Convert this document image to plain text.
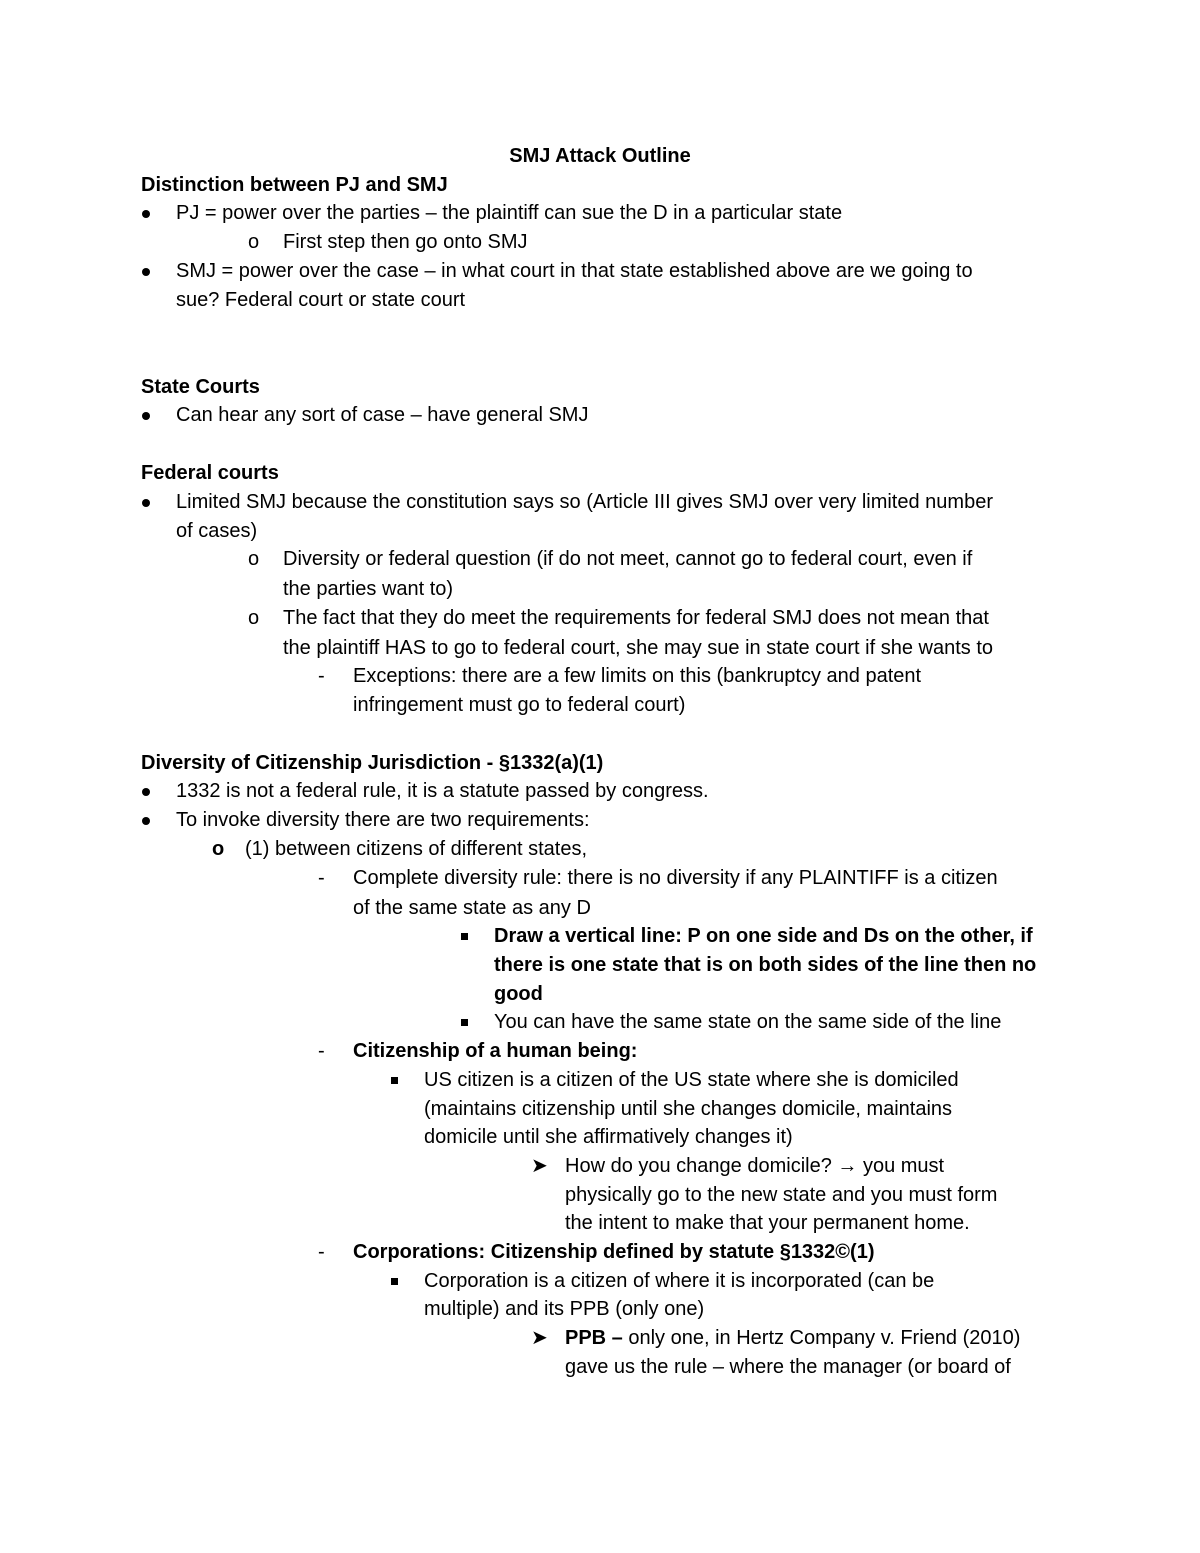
SMJ Attack Outline
Distinction between PJ and SMJ
PJ = power over the parties – the plaintiff can sue the D in a particular state
o First step then go onto SMJ
SMJ = power over the case – in what court in that state established above are we going to
sue? Federal court or state court
State Courts
Can hear any sort of case – have general SMJ
Federal courts
Limited SMJ because the constitution says so (Article III gives SMJ over very limited number
of cases)
o Diversity or federal question (if do not meet, cannot go to federal court, even if
the parties want to)
o The fact that they do meet the requirements for federal SMJ does not mean that
the plaintiff HAS to go to federal court, she may sue in state court if she wants to
- Exceptions: there are a few limits on this (bankruptcy and patent
infringement must go to federal court)
Diversity of Citizenship Jurisdiction - §1332(a)(1)
1332 is not a federal rule, it is a statute passed by congress.
To invoke diversity there are two requirements:
o (1) between citizens of different states,
- Complete diversity rule: there is no diversity if any PLAINTIFF is a citizen
of the same state as any D
Draw a vertical line: P on one side and Ds on the other, if
there is one state that is on both sides of the line then no
good
You can have the same state on the same side of the line
- Citizenship of a human being:
US citizen is a citizen of the US state where she is domiciled
(maintains citizenship until she changes domicile, maintains
domicile until she affirmatively changes it)
➤ How do you change domicile? → you must
physically go to the new state and you must form
the intent to make that your permanent home.
- Corporations: Citizenship defined by statute §1332©(1)
Corporation is a citizen of where it is incorporated (can be
multiple) and its PPB (only one)
➤ PPB – only one, in Hertz Company v. Friend (2010)
gave us the rule – where the manager (or board of
